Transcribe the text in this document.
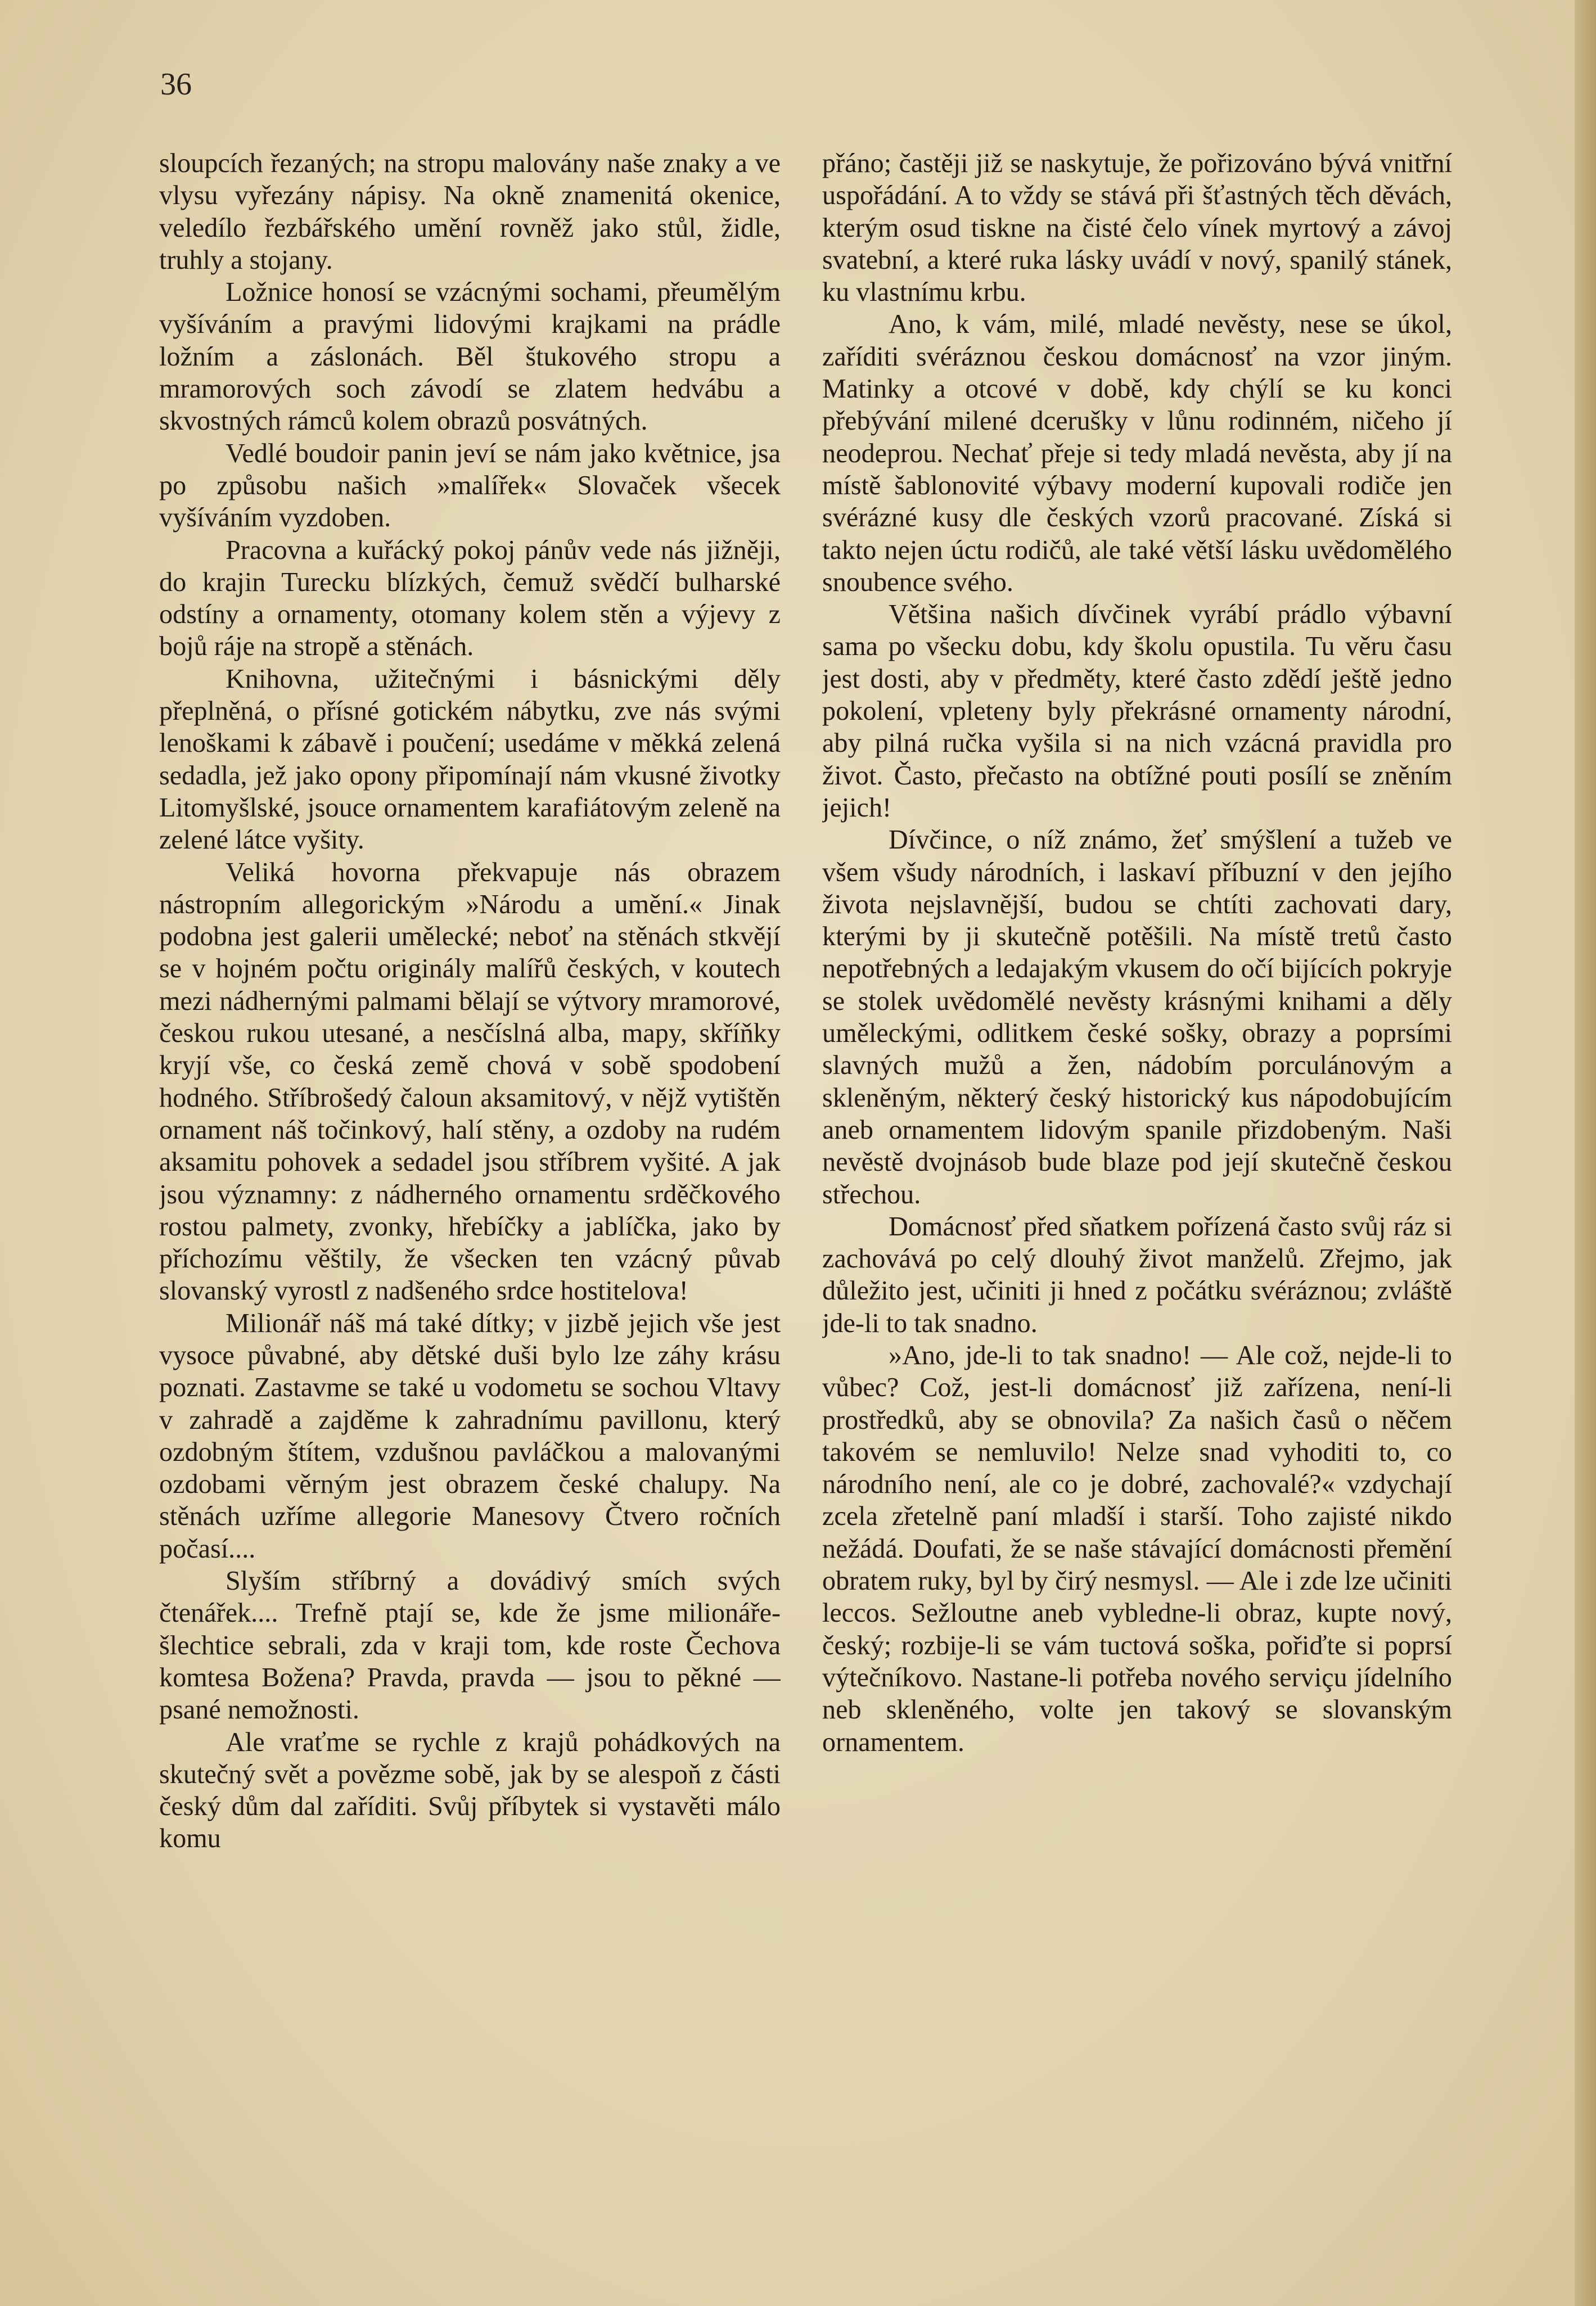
36

sloupcích řezaných; na stropu malovány naše znaky a ve vlysu vyřezány nápisy. Na okně znamenitá okenice, veledílo řezbářského umění rovněž jako stůl, židle, truhly a stojany.

Ložnice honosí se vzácnými sochami, přeumělým vyšíváním a pravými lidovými krajkami na prádle ložním a záslonách. Běl štukového stropu a mramorových soch závodí se zlatem hedvábu a skvostných rámců kolem obrazů posvátných.

Vedlé boudoir panin jeví se nám jako květnice, jsa po způsobu našich »malířek« Slovaček všecek vyšíváním vyzdoben.

Pracovna a kuřácký pokoj pánův vede nás jižněji, do krajin Turecku blízkých, čemuž svědčí bulharské odstíny a ornamenty, otomany kolem stěn a výjevy z bojů ráje na stropě a stěnách.

Knihovna, užitečnými i básnickými děly přeplněná, o přísné gotickém nábytku, zve nás svými lenoškami k zábavě i poučení; usedáme v měkká zelená sedadla, jež jako opony připomínají nám vkusné životky Litomyšlské, jsouce ornamentem karafiátovým zeleně na zelené látce vyšity.

Veliká hovorna překvapuje nás obrazem nástropním allegorickým »Národu a umění.« Jinak podobna jest galerii umělecké; neboť na stěnách stkvějí se v hojném počtu originály malířů českých, v koutech mezi nádhernými palmami bělají se výtvory mramorové, českou rukou utesané, a nesčíslná alba, mapy, skříňky kryjí vše, co česká země chová v sobě spodobení hodného. Stříbrošedý čaloun aksamitový, v nějž vytištěn ornament náš točinkový, halí stěny, a ozdoby na rudém aksamitu pohovek a sedadel jsou stříbrem vyšité. A jak jsou významny: z nádherného ornamentu srděčkového rostou palmety, zvonky, hřebíčky a jablíčka, jako by příchozímu věštily, že všecken ten vzácný půvab slovanský vyrostl z nadšeného srdce hostitelova!

Milionář náš má také dítky; v jizbě jejich vše jest vysoce půvabné, aby dětské duši bylo lze záhy krásu poznati. Zastavme se také u vodometu se sochou Vltavy v zahradě a zajděme k zahradnímu pavillonu, který ozdobným štítem, vzdušnou pavláčkou a malovanými ozdobami věrným jest obrazem české chalupy. Na stěnách uzříme allegorie Manesovy Čtvero ročních počasí....

Slyším stříbrný a dovádivý smích svých čtenářek.... Trefně ptají se, kde že jsme milionáře-šlechtice sebrali, zda v kraji tom, kde roste Čechova komtesa Božena? Pravda, pravda — jsou to pěkné — psané nemožnosti.

Ale vraťme se rychle z krajů pohádkových na skutečný svět a povězme sobě, jak by se alespoň z části český dům dal zaříditi. Svůj příbytek si vystavěti málo komu

přáno; častěji již se naskytuje, že pořizováno bývá vnitřní uspořádání. A to vždy se stává při šťastných těch děvách, kterým osud tiskne na čisté čelo vínek myrtový a závoj svatební, a které ruka lásky uvádí v nový, spanilý stánek, ku vlastnímu krbu.

Ano, k vám, milé, mladé nevěsty, nese se úkol, zaříditi svéráznou českou domácnosť na vzor jiným. Matinky a otcové v době, kdy chýlí se ku konci přebývání milené dcerušky v lůnu rodinném, ničeho jí neodeprou. Nechať přeje si tedy mladá nevěsta, aby jí na místě šablonovité výbavy moderní kupovali rodiče jen svérázné kusy dle českých vzorů pracované. Získá si takto nejen úctu rodičů, ale také větší lásku uvědomělého snoubence svého.

Většina našich dívčinek vyrábí prádlo výbavní sama po všecku dobu, kdy školu opustila. Tu věru času jest dosti, aby v předměty, které často zdědí ještě jedno pokolení, vpleteny byly překrásné ornamenty národní, aby pilná ručka vyšila si na nich vzácná pravidla pro život. Často, přečasto na obtížné pouti posílí se zněním jejich!

Dívčince, o níž známo, žeť smýšlení a tužeb ve všem všudy národních, i laskaví příbuzní v den jejího života nejslavnější, budou se chtíti zachovati dary, kterými by ji skutečně potěšili. Na místě tretů často nepotřebných a ledajakým vkusem do očí bijících pokryje se stolek uvědomělé nevěsty krásnými knihami a děly uměleckými, odlitkem české sošky, obrazy a poprsími slavných mužů a žen, nádobím porculánovým a skleněným, některý český historický kus nápodobujícím aneb ornamentem lidovým spanile přizdobeným. Naši nevěstě dvojnásob bude blaze pod její skutečně českou střechou.

Domácnosť před sňatkem pořízená často svůj ráz si zachovává po celý dlouhý život manželů. Zřejmo, jak důležito jest, učiniti ji hned z počátku svéráznou; zvláště jde-li to tak snadno.

»Ano, jde-li to tak snadno! — Ale což, nejde-li to vůbec? Což, jest-li domácnosť již zařízena, není-li prostředků, aby se obnovila? Za našich časů o něčem takovém se nemluvilo! Nelze snad vyhoditi to, co národního není, ale co je dobré, zachovalé?« vzdychají zcela zřetelně paní mladší i starší. Toho zajisté nikdo nežádá. Doufati, že se naše stávající domácnosti přemění obratem ruky, byl by čirý nesmysl. — Ale i zde lze učiniti leccos. Sežloutne aneb vybledne-li obraz, kupte nový, český; rozbije-li se vám tuctová soška, pořiďte si poprsí výtečníkovo. Nastane-li potřeba nového serviçu jídelního neb skleněného, volte jen takový se slovanským ornamentem.
